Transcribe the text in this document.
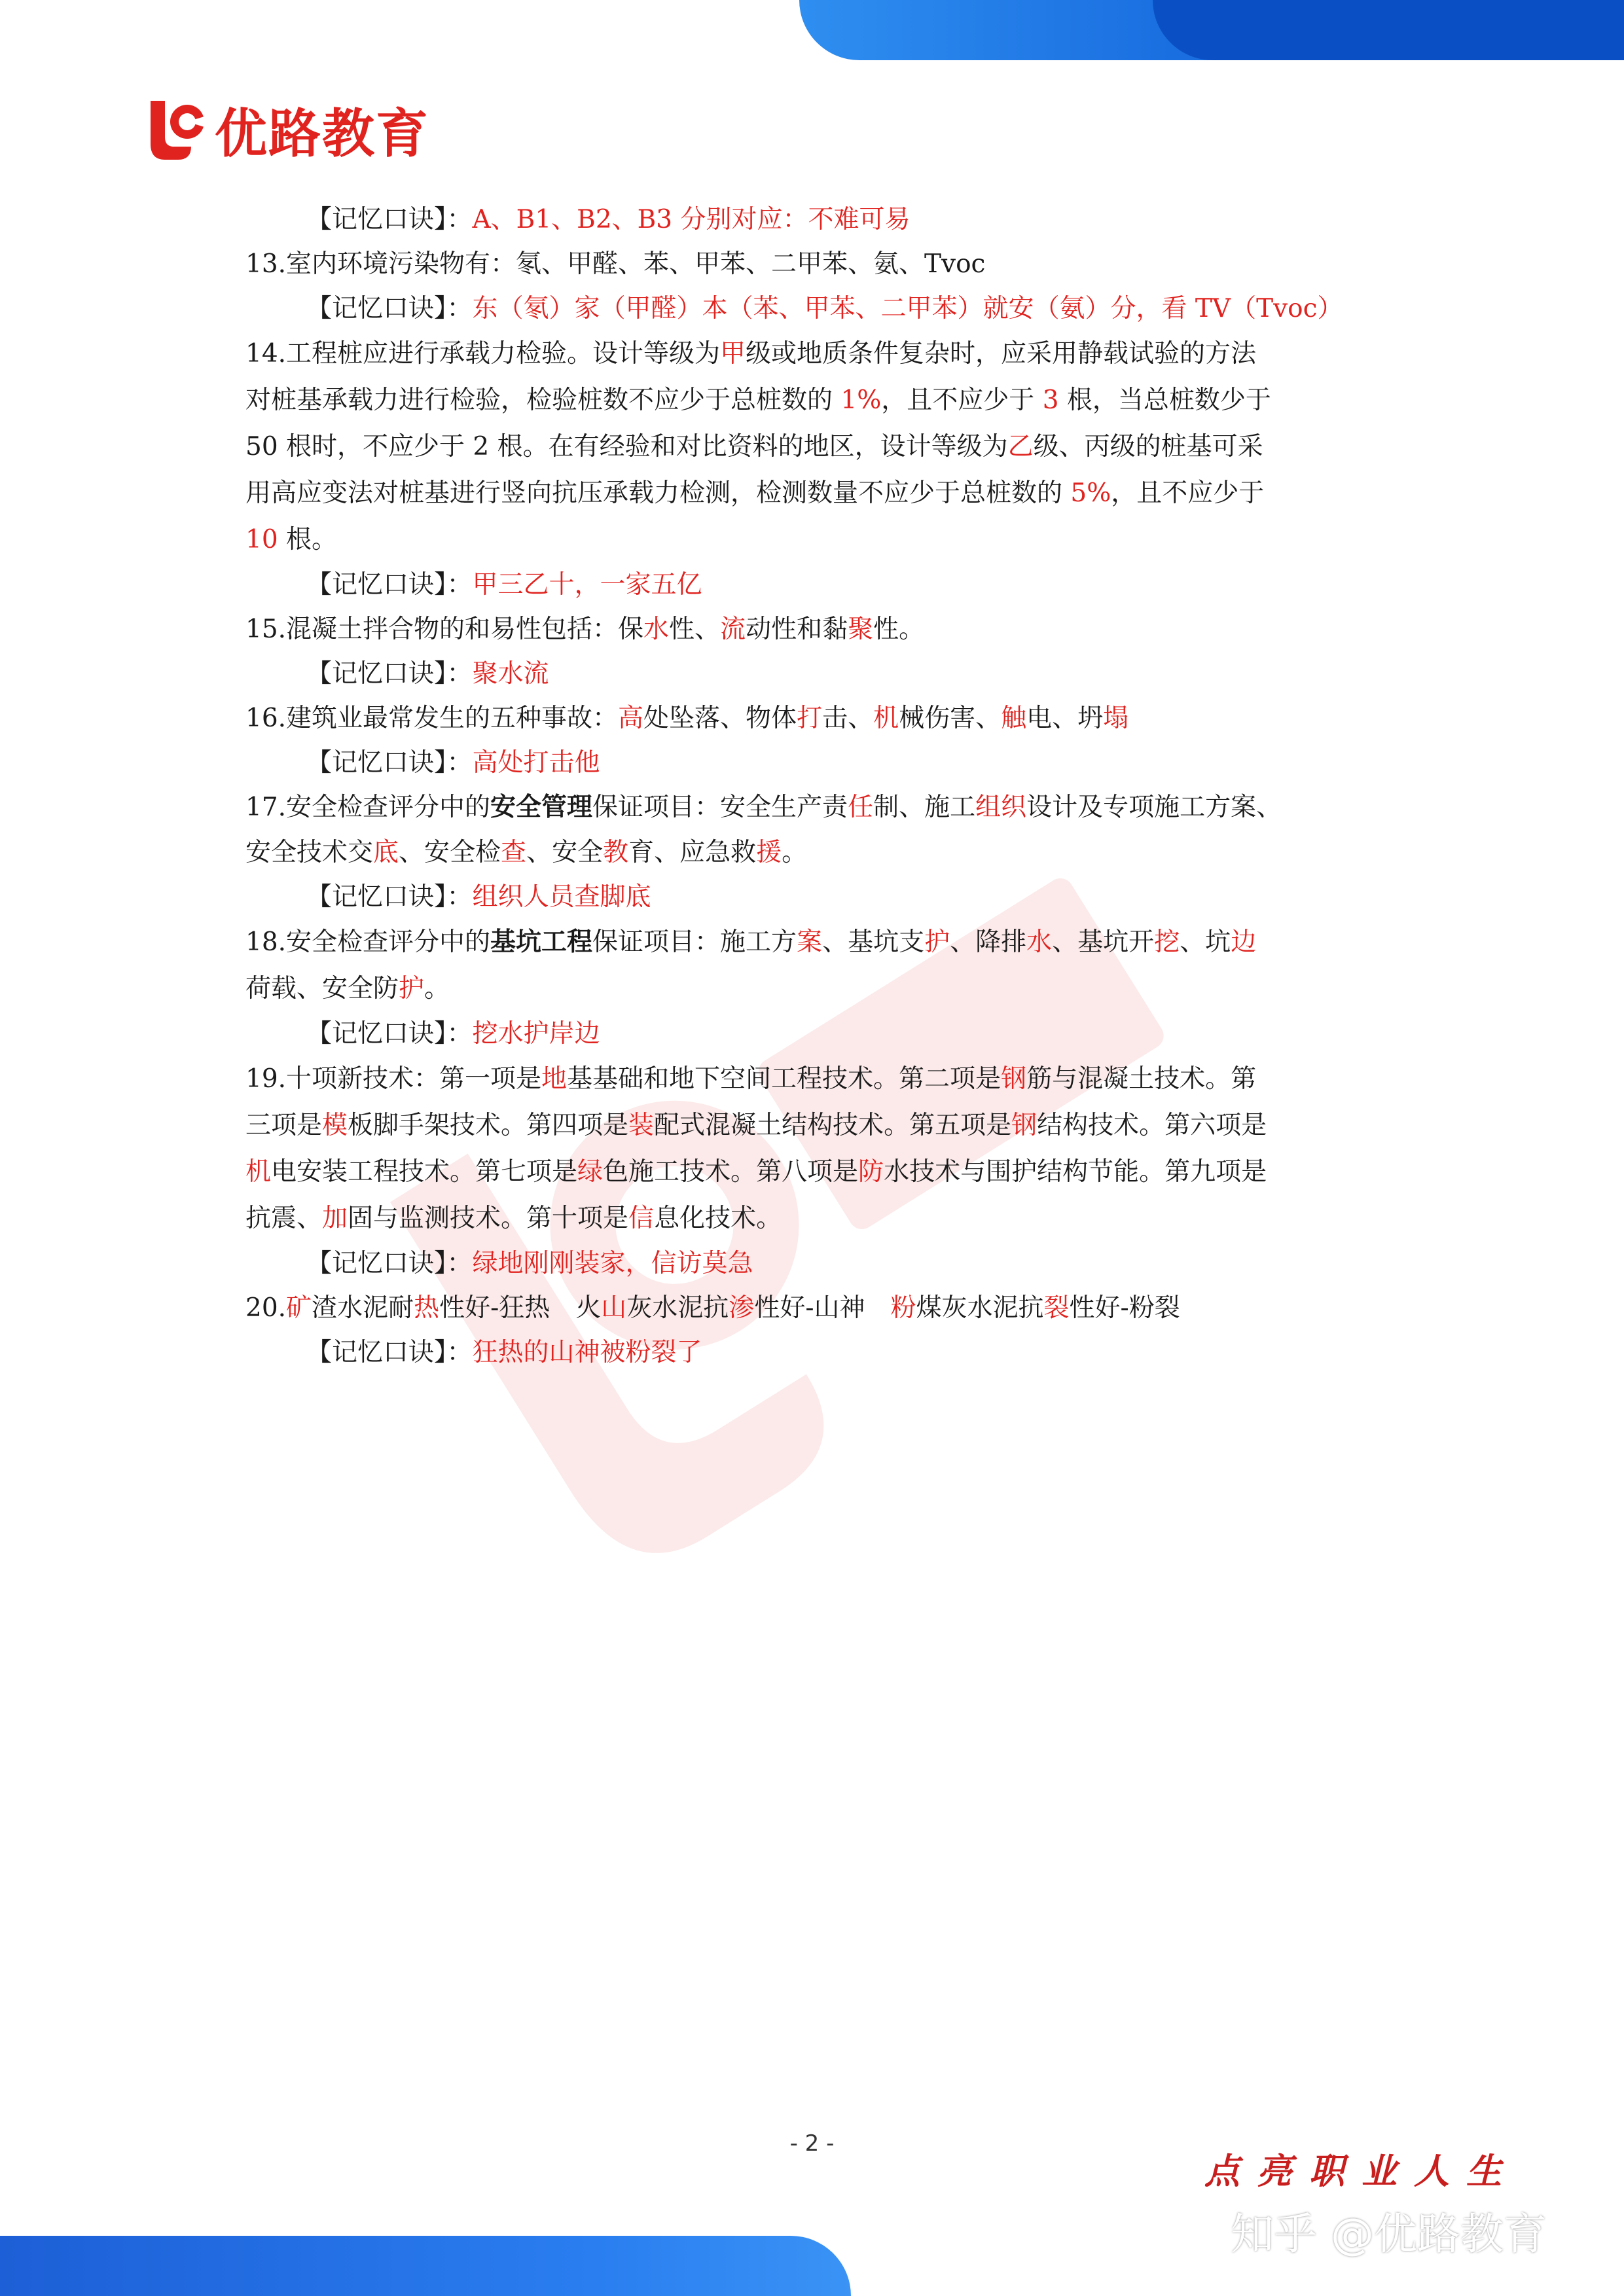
优路教育
【记忆口诀】：A、B1、B2、B3 分别对应：不难可易
13.室内环境污染物有：氡、甲醛、苯、甲苯、二甲苯、氨、Tvoc
【记忆口诀】：东（氡）家（甲醛）本（苯、甲苯、二甲苯）就安（氨）分，看 TV（Tvoc）
14.工程桩应进行承载力检验。设计等级为甲级或地质条件复杂时，应采用静载试验的方法
对桩基承载力进行检验，检验桩数不应少于总桩数的 1%，且不应少于 3 根，当总桩数少于
50 根时，不应少于 2 根。在有经验和对比资料的地区，设计等级为乙级、丙级的桩基可采
用高应变法对桩基进行竖向抗压承载力检测，检测数量不应少于总桩数的 5%，且不应少于
10 根。
【记忆口诀】：甲三乙十，一家五亿
15.混凝土拌合物的和易性包括：保水性、流动性和黏聚性。
【记忆口诀】：聚水流
16.建筑业最常发生的五种事故：高处坠落、物体打击、机械伤害、触电、坍塌
【记忆口诀】：高处打击他
17.安全检查评分中的安全管理保证项目：安全生产责任制、施工组织设计及专项施工方案、
安全技术交底、安全检查、安全教育、应急救援。
【记忆口诀】：组织人员查脚底
18.安全检查评分中的基坑工程保证项目：施工方案、基坑支护、降排水、基坑开挖、坑边
荷载、安全防护。
【记忆口诀】：挖水护岸边
19.十项新技术：第一项是地基基础和地下空间工程技术。第二项是钢筋与混凝土技术。第
三项是模板脚手架技术。第四项是装配式混凝土结构技术。第五项是钢结构技术。第六项是
机电安装工程技术。第七项是绿色施工技术。第八项是防水技术与围护结构节能。第九项是
抗震、加固与监测技术。第十项是信息化技术。
【记忆口诀】：绿地刚刚装家，信访莫急
20.矿渣水泥耐热性好-狂热　火山灰水泥抗渗性好-山神　粉煤灰水泥抗裂性好-粉裂
【记忆口诀】：狂热的山神被粉裂了
- 2 -
点亮职业人生
知乎 @优路教育
